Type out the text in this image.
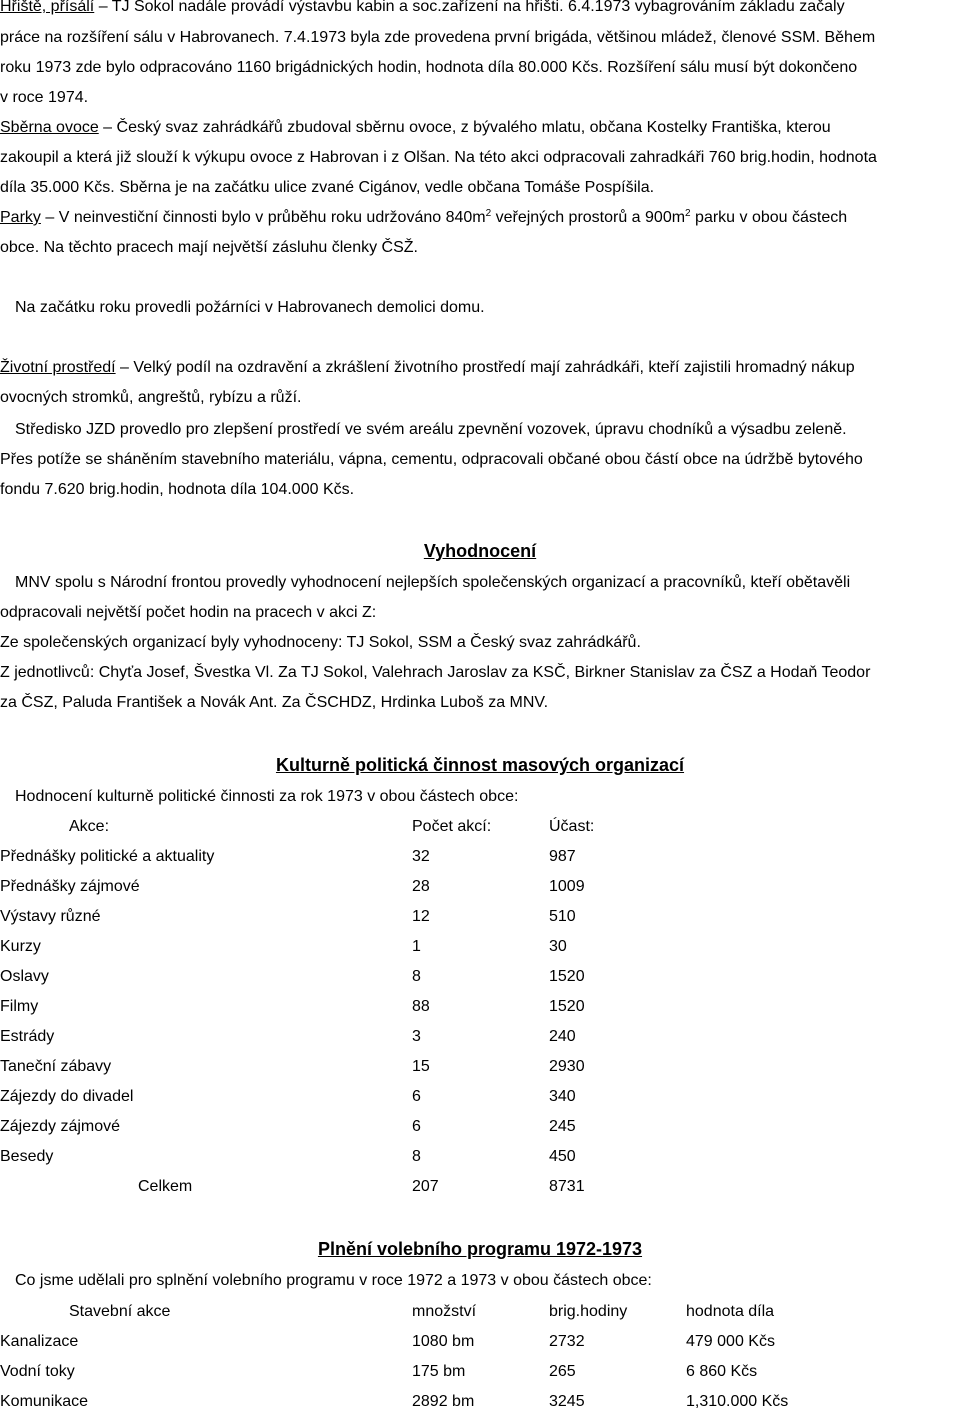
Hřiště, přísálí – TJ Sokol nadále provádí výstavbu kabin a soc.zařízení na hřišti. 6.4.1973 vybagrováním základu začaly
práce na rozšíření sálu v Habrovanech. 7.4.1973 byla zde provedena první brigáda, většinou mládež, členové SSM. Během
roku 1973 zde bylo odpracováno 1160 brigádnických hodin, hodnota díla 80.000 Kčs. Rozšíření sálu musí být dokončeno
v roce 1974.
Sběrna ovoce – Český svaz zahrádkářů zbudoval sběrnu ovoce, z bývalého mlatu, občana Kostelky Františka, kterou
zakoupil a která již slouží k výkupu ovoce z Habrovan i z Olšan. Na této akci odpracovali zahradkáři 760 brig.hodin, hodnota
díla 35.000 Kčs. Sběrna je na začátku ulice zvané Cigánov, vedle občana Tomáše Pospíšila.
Parky – V neinvestiční činnosti bylo v průběhu roku udržováno $840m^2$ veřejných prostorů a $900m^2$ parku v obou částech
obce. Na těchto pracech mají největší zásluhu členky ČSŽ.
Na začátku roku provedli požárníci v Habrovanech demolici domu.
Životní prostředí – Velký podíl na ozdravění a zkrášlení životního prostředí mají zahrádkáři, kteří zajistili hromadný nákup
ovocných stromků, angreštů, rybízu a růží.
Středisko JZD provedlo pro zlepšení prostředí ve svém areálu zpevnění vozovek, úpravu chodníků a výsadbu zeleně.
Přes potíže se sháněním stavebního materiálu, vápna, cementu, odpracovali občané obou částí obce na údržbě bytového
fondu 7.620 brig.hodin, hodnota díla 104.000 Kčs.
Vyhodnocení
MNV spolu s Národní frontou provedly vyhodnocení nejlepších společenských organizací a pracovníků, kteří obětavěli
odpracovali největší počet hodin na pracech v akci Z:
Ze společenských organizací byly vyhodnoceny: TJ Sokol, SSM a Český svaz zahrádkářů.
Z jednotlivců: Chyťa Josef, Švestka Vl. Za TJ Sokol, Valehrach Jaroslav za KSČ, Birkner Stanislav za ČSZ a Hodaň Teodor
za ČSZ, Paluda František a Novák Ant. Za ČSCHDZ, Hrdinka Luboš za MNV.
Kulturně politická činnost masových organizací
Hodnocení kulturně politické činnosti za rok 1973 v obou částech obce:
Akce:	Počet akcí:	Účast:
Přednášky politické a aktuality	32	987
Přednášky zájmové	28	1009
Výstavy různé	12	510
Kurzy	1	30
Oslavy	8	1520
Filmy	88	1520
Estrády	3	240
Taneční zábavy	15	2930
Zájezdy do divadel	6	340
Zájezdy zájmové	6	245
Besedy	8	450
Celkem	207	8731
Plnění volebního programu 1972-1973
Co jsme udělali pro splnění volebního programu v roce 1972 a 1973 v obou částech obce:
Stavební akce	množství	brig.hodiny	hodnota díla
Kanalizace	1080 bm	2732	479 000 Kčs
Vodní toky	175 bm	265	6 860 Kčs
Komunikace	2892 bm	3245	1,310.000 Kčs
